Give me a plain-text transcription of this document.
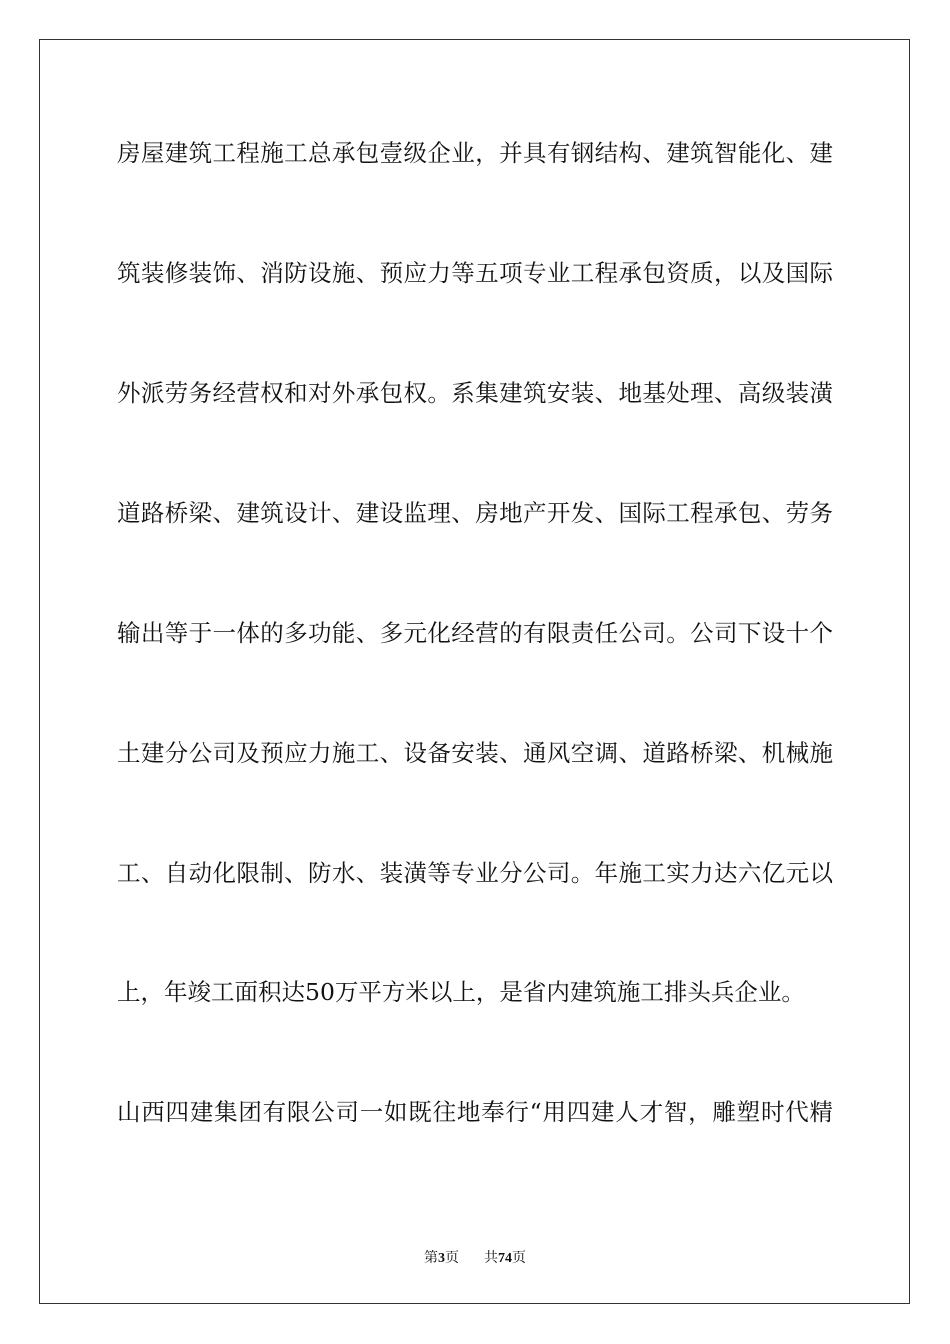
房屋建筑工程施工总承包壹级企业，并具有钢结构、建筑智能化、建
筑装修装饰、消防设施、预应力等五项专业工程承包资质，以及国际
外派劳务经营权和对外承包权。系集建筑安装、地基处理、高级装潢
道路桥梁、建筑设计、建设监理、房地产开发、国际工程承包、劳务
输出等于一体的多功能、多元化经营的有限责任公司。公司下设十个
土建分公司及预应力施工、设备安装、通风空调、道路桥梁、机械施
工、自动化限制、防水、装潢等专业分公司。年施工实力达六亿元以
上，年竣工面积达50万平方米以上，是省内建筑施工排头兵企业。
山西四建集团有限公司一如既往地奉行“用四建人才智，雕塑时代精
第3页 共74页
